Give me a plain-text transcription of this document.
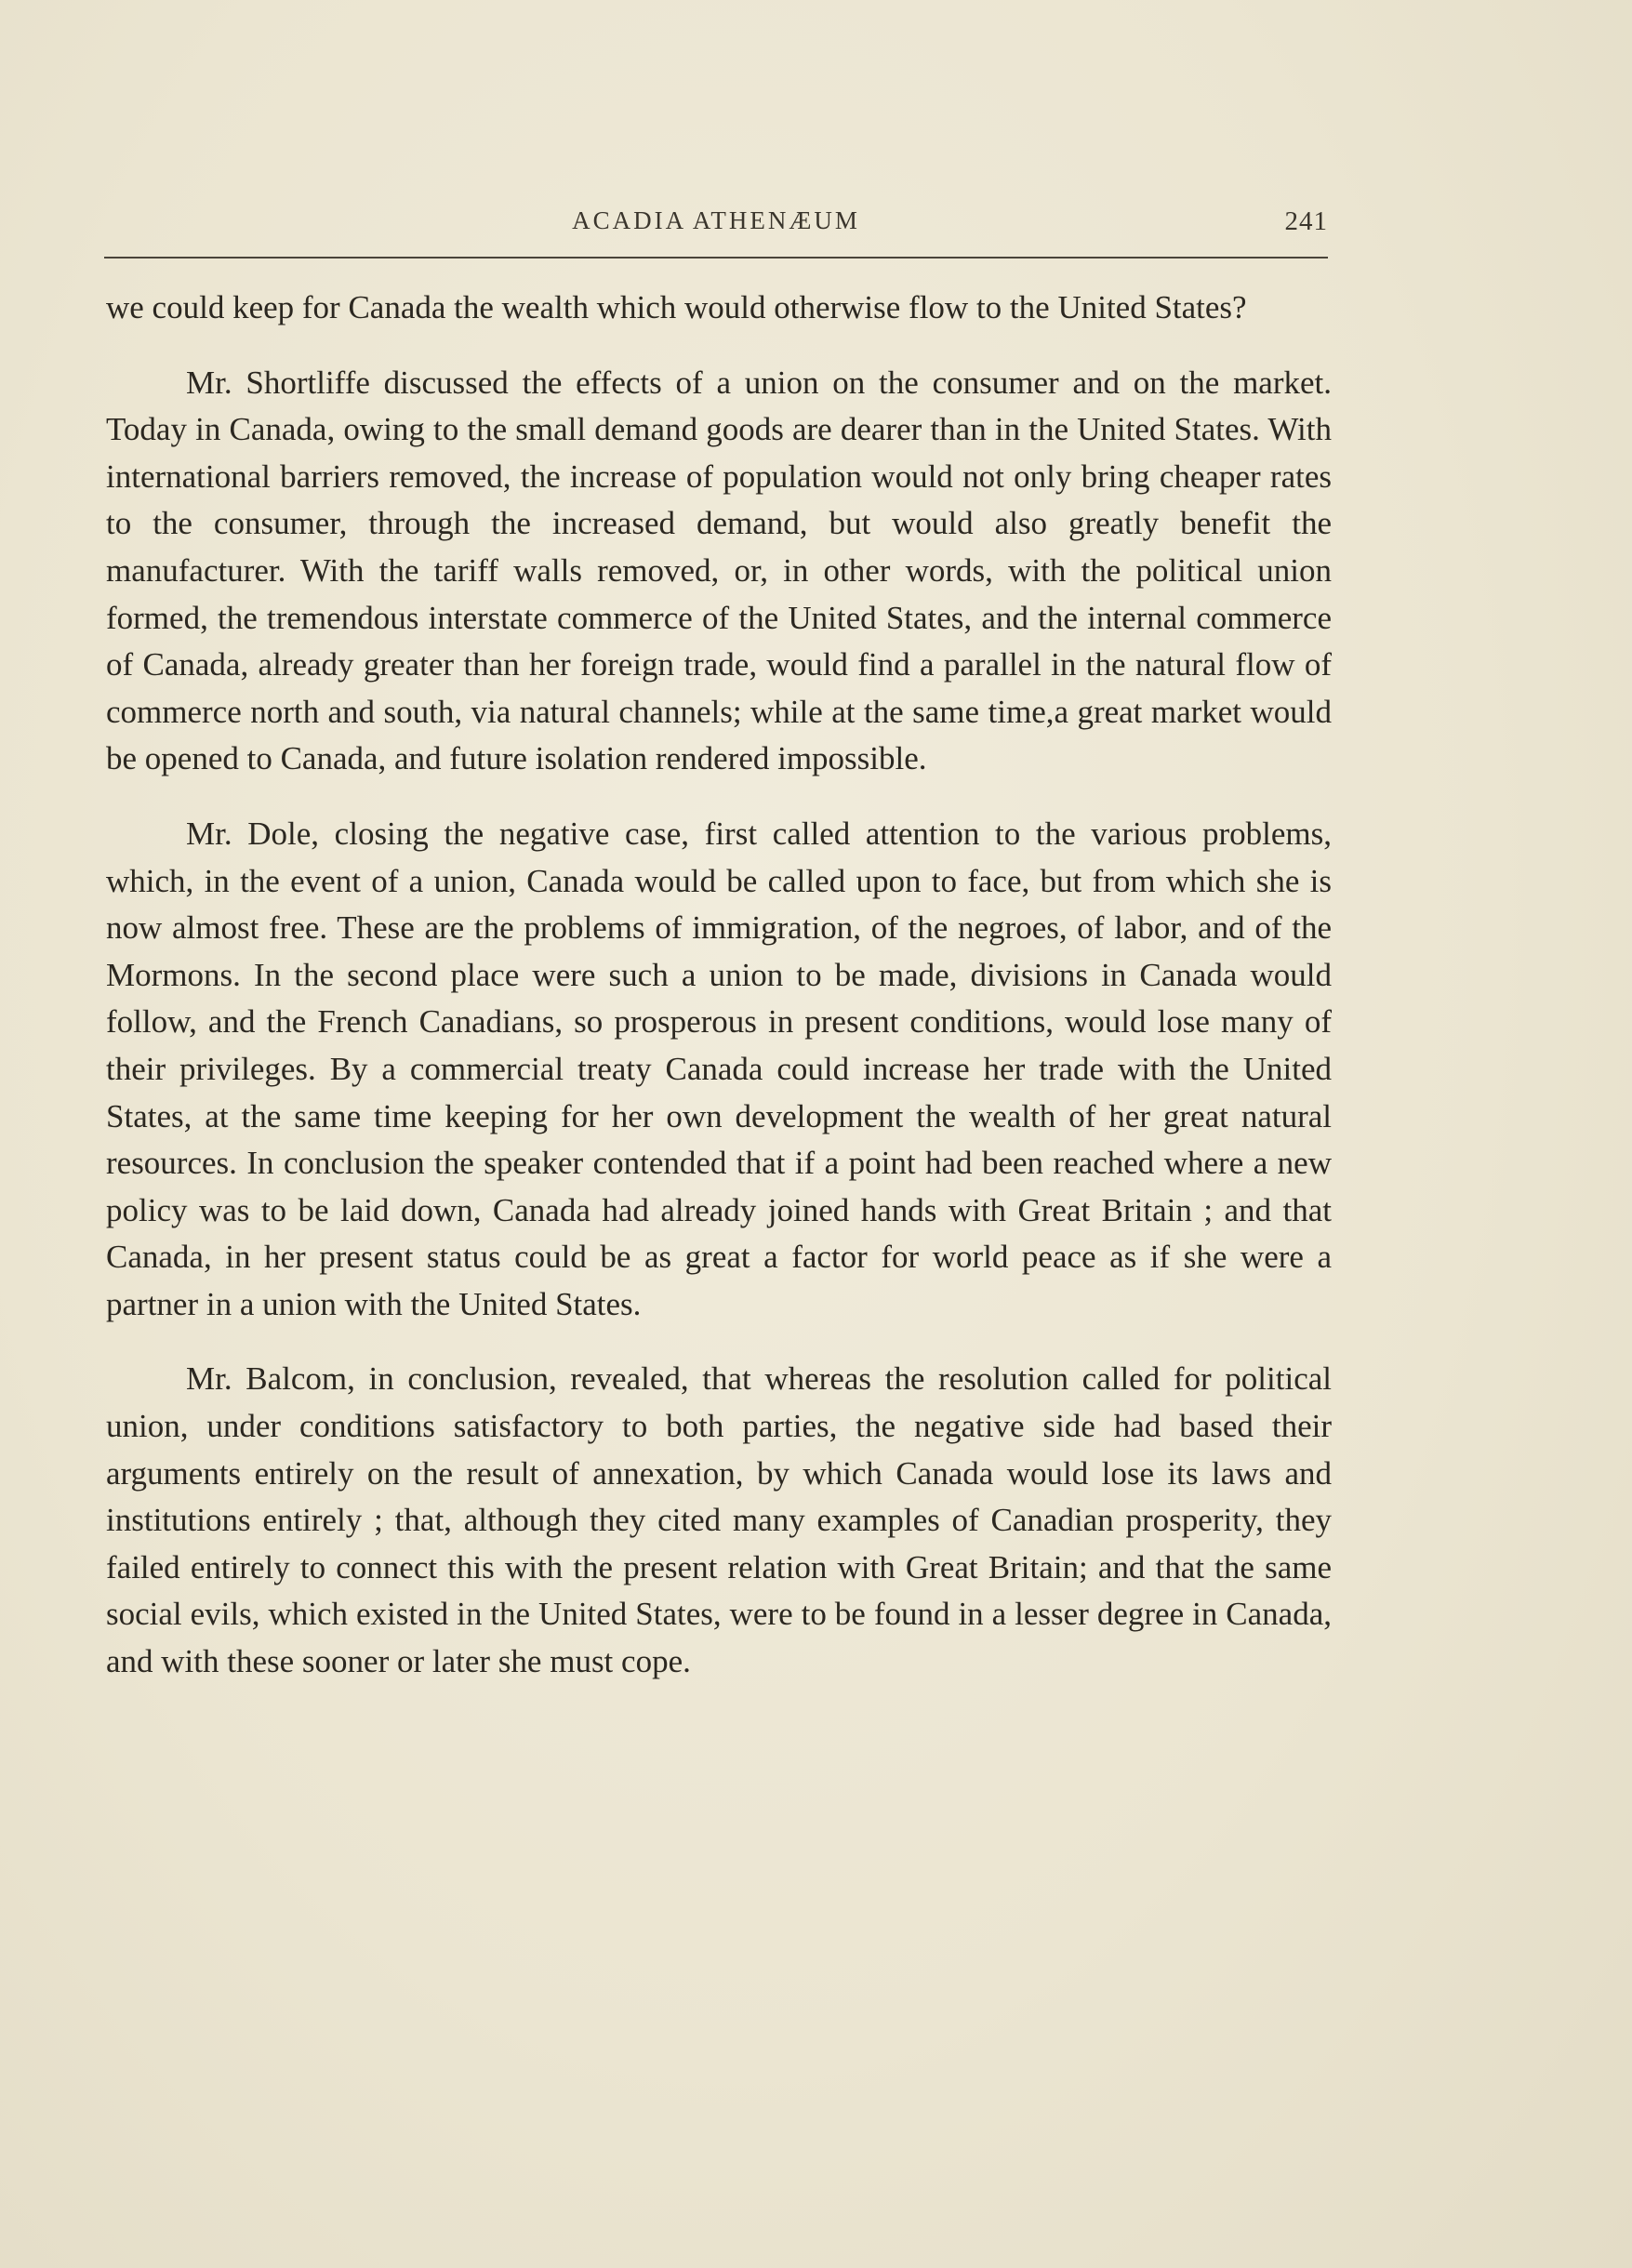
ACADIA ATHENÆUM	241

we could keep for Canada the wealth which would otherwise flow to the United States?

Mr. Shortliffe discussed the effects of a union on the consumer and on the market. Today in Canada, owing to the small demand goods are dearer than in the United States. With international barriers removed, the increase of population would not only bring cheaper rates to the consumer, through the increased demand, but would also greatly benefit the manufacturer. With the tariff walls removed, or, in other words, with the political union formed, the tremendous interstate commerce of the United States, and the internal commerce of Canada, already greater than her foreign trade, would find a parallel in the natural flow of commerce north and south, via natural channels; while at the same time,a great market would be opened to Canada, and future isolation rendered impossible.

Mr. Dole, closing the negative case, first called attention to the various problems, which, in the event of a union, Canada would be called upon to face, but from which she is now almost free. These are the problems of immigration, of the negroes, of labor, and of the Mormons. In the second place were such a union to be made, divisions in Canada would follow, and the French Canadians, so prosperous in present conditions, would lose many of their privileges. By a commercial treaty Canada could increase her trade with the United States, at the same time keeping for her own development the wealth of her great natural resources. In conclusion the speaker contended that if a point had been reached where a new policy was to be laid down, Canada had already joined hands with Great Britain ; and that Canada, in her present status could be as great a factor for world peace as if she were a partner in a union with the United States.

Mr. Balcom, in conclusion, revealed, that whereas the resolution called for political union, under conditions satisfactory to both parties, the negative side had based their arguments entirely on the result of annexation, by which Canada would lose its laws and institutions entirely ; that, although they cited many examples of Canadian prosperity, they failed entirely to connect this with the present relation with Great Britain; and that the same social evils, which existed in the United States, were to be found in a lesser degree in Canada, and with these sooner or later she must cope.
